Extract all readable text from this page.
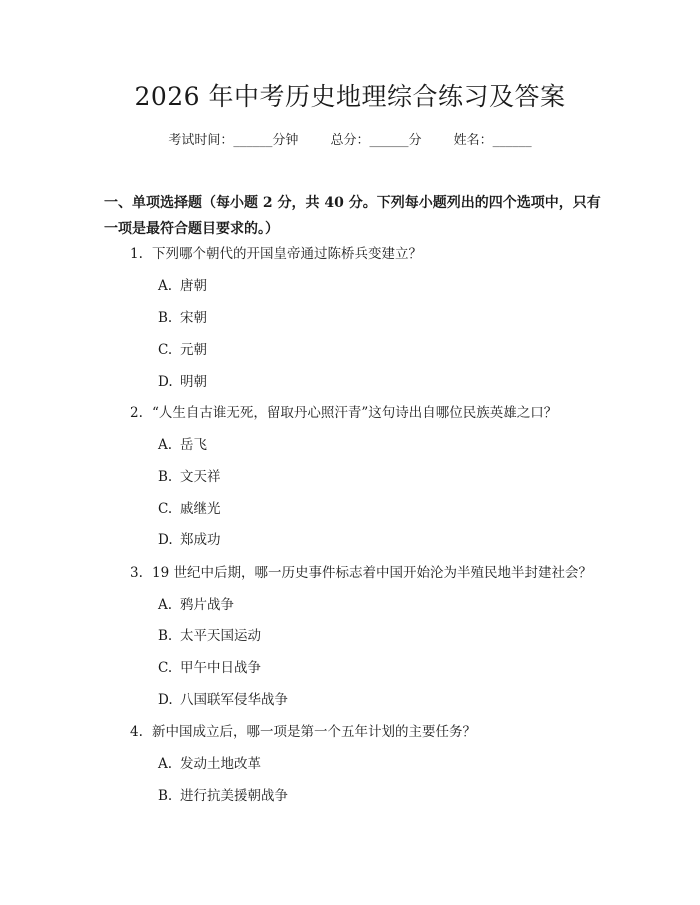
2026 年中考历史地理综合练习及答案
考试时间：______分钟 总分：______分 姓名：______
一、单项选择题（每小题 2 分，共 40 分。下列每小题列出的四个选项中，只有一项是最符合题目要求的。）
1. 下列哪个朝代的开国皇帝通过陈桥兵变建立？
A. 唐朝
B. 宋朝
C. 元朝
D. 明朝
2. “人生自古谁无死，留取丹心照汗青”这句诗出自哪位民族英雄之口？
A. 岳飞
B. 文天祥
C. 戚继光
D. 郑成功
3. 19 世纪中后期，哪一历史事件标志着中国开始沦为半殖民地半封建社会？
A. 鸦片战争
B. 太平天国运动
C. 甲午中日战争
D. 八国联军侵华战争
4. 新中国成立后，哪一项是第一个五年计划的主要任务？
A. 发动土地改革
B. 进行抗美援朝战争
